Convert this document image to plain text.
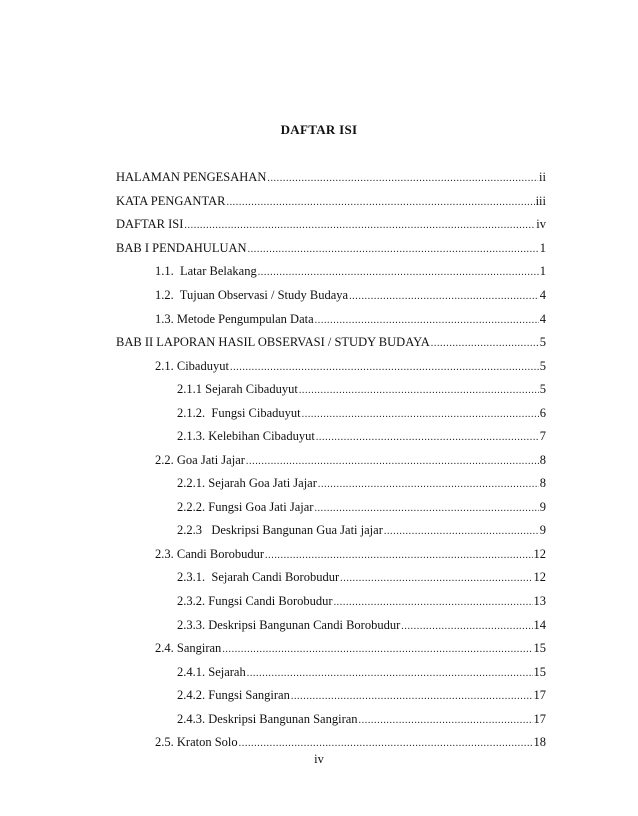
DAFTAR ISI
HALAMAN PENGESAHAN .....	ii
KATA PENGANTAR .....	iii
DAFTAR ISI .....	iv
BAB I PENDAHULUAN .....	1
1.1.  Latar Belakang .....	1
1.2.  Tujuan Observasi / Study Budaya .....	4
1.3. Metode Pengumpulan Data .....	4
BAB II LAPORAN HASIL OBSERVASI / STUDY BUDAYA .....	5
2.1. Cibaduyut .....	5
2.1.1 Sejarah Cibaduyut .....	5
2.1.2.  Fungsi Cibaduyut .....	6
2.1.3. Kelebihan Cibaduyut .....	7
2.2. Goa Jati Jajar .....	8
2.2.1. Sejarah Goa Jati Jajar .....	8
2.2.2. Fungsi Goa Jati Jajar .....	9
2.2.3   Deskripsi Bangunan Gua Jati jajar .....	9
2.3. Candi Borobudur .....	12
2.3.1.  Sejarah Candi Borobudur .....	12
2.3.2. Fungsi Candi Borobudur .....	13
2.3.3. Deskripsi Bangunan Candi Borobudur .....	14
2.4. Sangiran .....	15
2.4.1. Sejarah .....	15
2.4.2. Fungsi Sangiran .....	17
2.4.3. Deskripsi Bangunan Sangiran .....	17
2.5. Kraton Solo .....	18
iv
